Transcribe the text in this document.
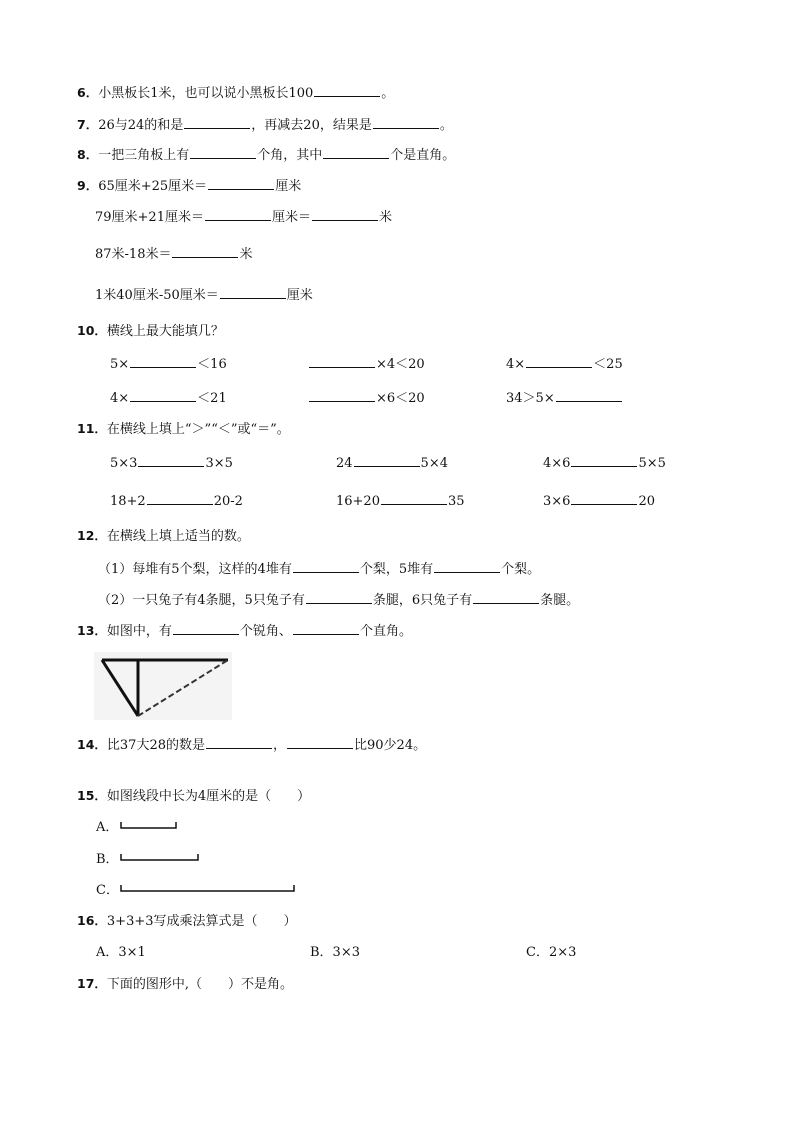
6．小黑板长1米，也可以说小黑板长100	。
7．26与24的和是	，再减去20，结果是	。
8．一把三角板上有	个角，其中	个是直角。
9．65厘米+25厘米＝	厘米
79厘米+21厘米＝	厘米＝	米
87米-18米＝	米
1米40厘米-50厘米＝	厘米
10．横线上最大能填几？
5×	＜16	×4＜20	4×	＜25
4×	＜21	×6＜20	34＞5×
11．在横线上填上“＞”“＜”或“＝”。
5×3	3×5	24	5×4	4×6	5×5
18+2	20-2	16+20	35	3×6	20
12．在横线上填上适当的数。
（1）每堆有5个梨，这样的4堆有	个梨，5堆有	个梨。
（2）一只兔子有4条腿，5只兔子有	条腿，6只兔子有	条腿。
13．如图中，有	个锐角、	个直角。
14．比37大28的数是	，	比90少24。
15．如图线段中长为4厘米的是（　　）
A．
B．
C．
16．3+3+3写成乘法算式是（　　）
A．3×1	B．3×3	C．2×3
17．下面的图形中,（　　）不是角。
